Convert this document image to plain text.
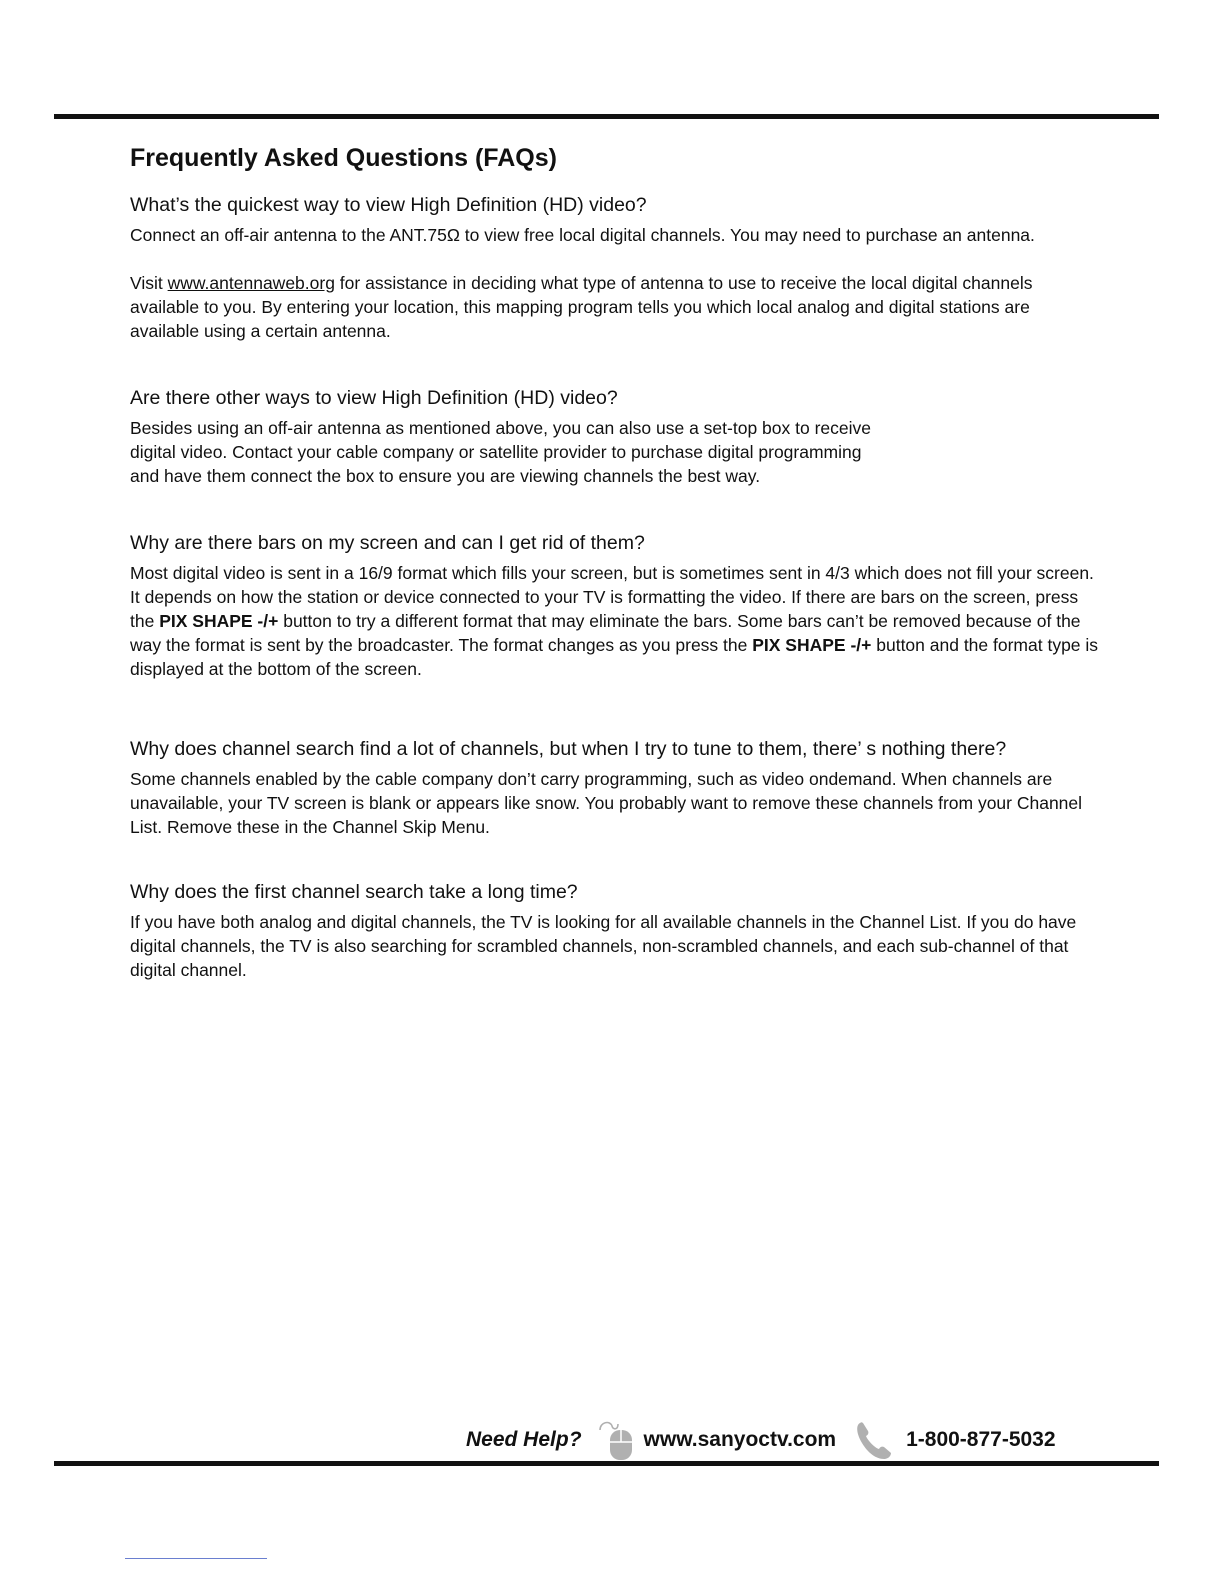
Frequently Asked Questions (FAQs)
What’s the quickest way to view High Definition (HD) video?

Connect an off-air antenna to the ANT.75Ω to view free local digital channels. You may need to purchase an antenna.

Visit www.antennaweb.org for assistance in deciding what type of antenna to use to receive the local digital channels available to you. By entering your location, this mapping program tells you which local analog and digital stations are available using a certain antenna.

Are there other ways to view High Definition (HD) video?

Besides using an off-air antenna as mentioned above, you can also use a set-top box to receive
digital video. Contact your cable company or satellite provider to purchase digital programming
and have them connect the box to ensure you are viewing channels the best way.

Why are there bars on my screen and can I get rid of them?

Most digital video is sent in a 16/9 format which fills your screen, but is sometimes sent in 4/3 which does not fill your screen. It depends on how the station or device connected to your TV is formatting the video. If there are bars on the screen, press the PIX SHAPE -/+ button to try a different format that may eliminate the bars. Some bars can’t be removed because of the way the format is sent by the broadcaster. The format changes as you press the PIX SHAPE -/+ button and the format type is displayed at the bottom of the screen.

Why does channel search find a lot of channels, but when I try to tune to them, there’ s nothing there?

Some channels enabled by the cable company don’t carry programming, such as video ondemand. When channels are unavailable, your TV screen is blank or appears like snow. You probably want to remove these channels from your Channel List. Remove these in the Channel Skip Menu.

Why does the first channel search take a long time?

If you have both analog and digital channels, the TV is looking for all available channels in the Channel List. If you do have digital channels, the TV is also searching for scrambled channels, non-scrambled channels, and each sub-channel of that digital channel.

Need Help?	www.sanyoctv.com	1-800-877-5032
